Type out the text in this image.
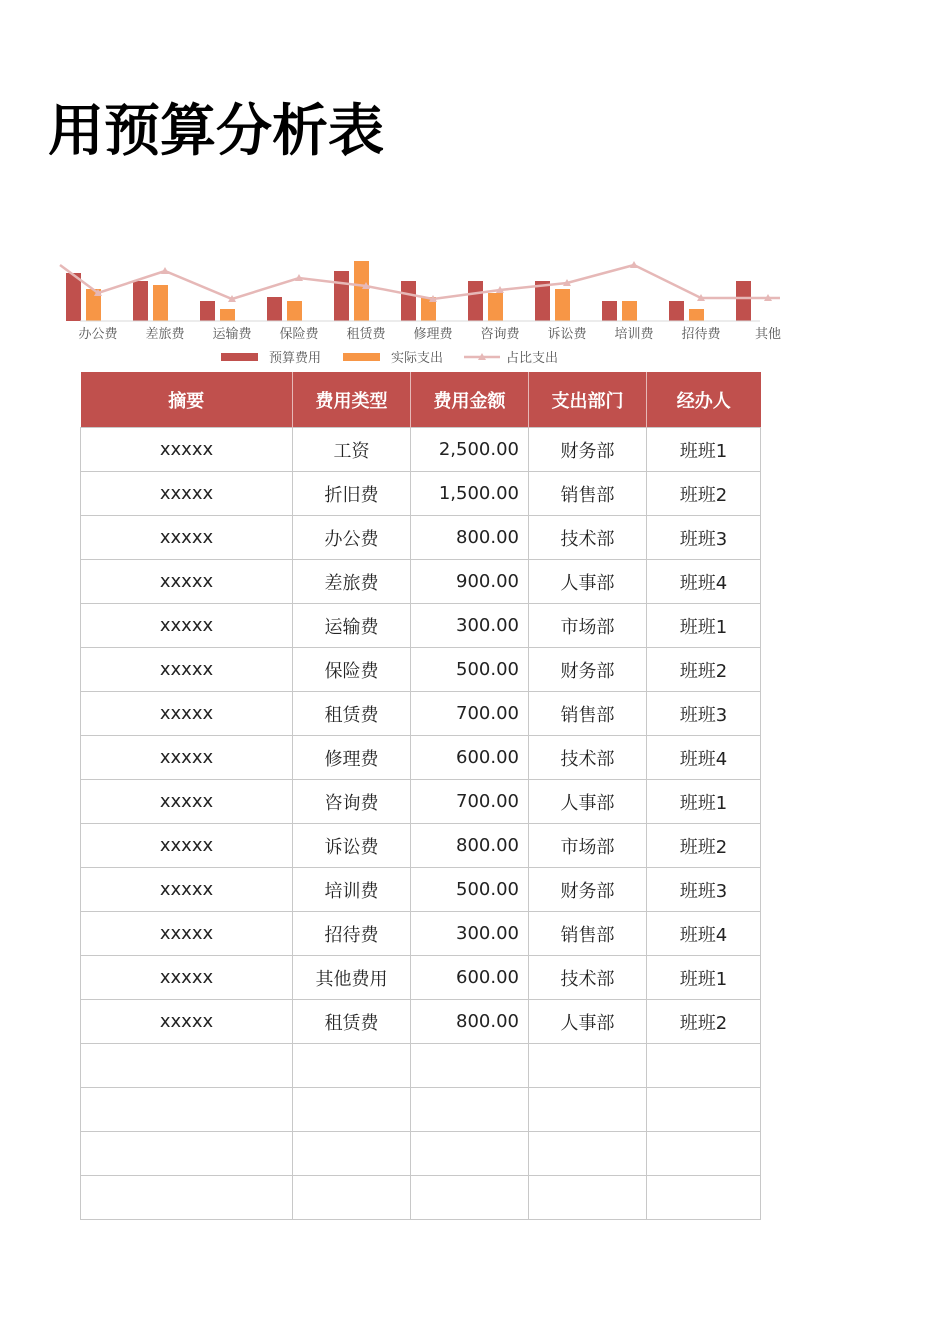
用预算分析表
办公费 差旅费 运输费 保险费 租赁费 修理费 咨询费 诉讼费 培训费 招待费	其他
预算费用	实际支出	占比支出
摘要	费用类型	费用金额	支出部门	经办人
xxxxx	工资	2,500.00	财务部	班班1
xxxxx	折旧费	1,500.00	销售部	班班2
xxxxx	办公费	800.00	技术部	班班3
xxxxx	差旅费	900.00	人事部	班班4
xxxxx	运输费	300.00	市场部	班班1
xxxxx	保险费	500.00	财务部	班班2
xxxxx	租赁费	700.00	销售部	班班3
xxxxx	修理费	600.00	技术部	班班4
xxxxx	咨询费	700.00	人事部	班班1
xxxxx	诉讼费	800.00	市场部	班班2
xxxxx	培训费	500.00	财务部	班班3
xxxxx	招待费	300.00	销售部	班班4
xxxxx	其他费用	600.00	技术部	班班1
xxxxx	租赁费	800.00	人事部	班班2
